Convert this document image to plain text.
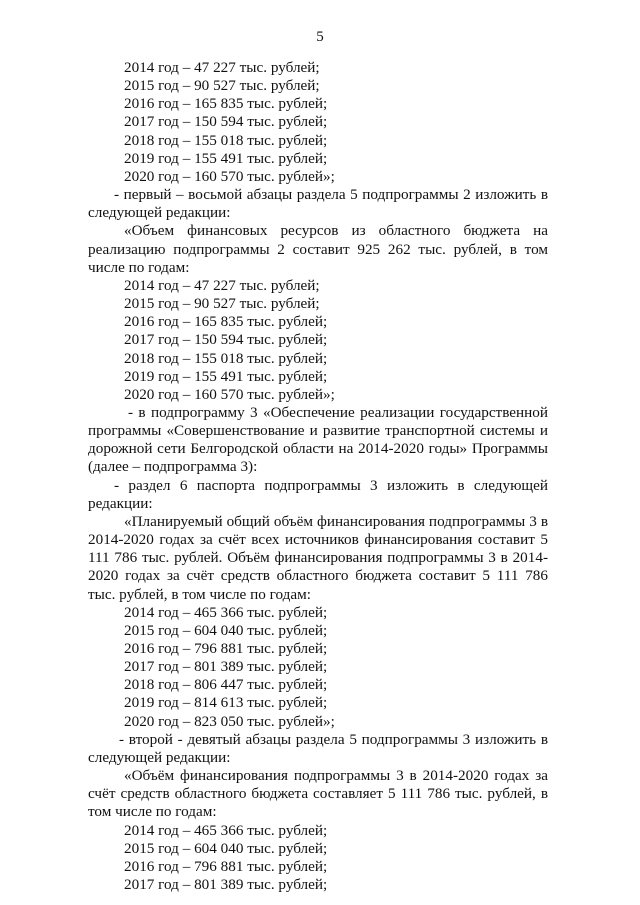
5
2014 год – 47 227 тыс. рублей;
2015 год – 90 527 тыс. рублей;
2016 год – 165 835 тыс. рублей;
2017 год – 150 594 тыс. рублей;
2018 год – 155 018 тыс. рублей;
2019 год – 155 491 тыс. рублей;
2020 год – 160 570 тыс. рублей»;
- первый – восьмой абзацы раздела 5 подпрограммы 2 изложить в следующей редакции:
«Объем финансовых ресурсов из областного бюджета на реализацию подпрограммы 2 составит 925 262 тыс. рублей, в том числе по годам:
2014 год – 47 227 тыс. рублей;
2015 год – 90 527 тыс. рублей;
2016 год – 165 835 тыс. рублей;
2017 год – 150 594 тыс. рублей;
2018 год – 155 018 тыс. рублей;
2019 год – 155 491 тыс. рублей;
2020 год – 160 570 тыс. рублей»;
- в подпрограмму 3 «Обеспечение реализации государственной программы «Совершенствование и развитие транспортной системы и дорожной сети Белгородской области на 2014-2020 годы» Программы (далее – подпрограмма 3):
- раздел 6 паспорта подпрограммы 3 изложить в следующей редакции:
«Планируемый общий объём финансирования подпрограммы 3 в 2014-2020 годах за счёт всех источников финансирования составит 5 111 786 тыс. рублей. Объём финансирования подпрограммы 3 в 2014-2020 годах за счёт средств областного бюджета составит 5 111 786 тыс. рублей, в том числе по годам:
2014 год – 465 366 тыс. рублей;
2015 год – 604 040 тыс. рублей;
2016 год – 796 881 тыс. рублей;
2017 год – 801 389 тыс. рублей;
2018 год – 806 447 тыс. рублей;
2019 год – 814 613 тыс. рублей;
2020 год – 823 050 тыс. рублей»;
- второй - девятый абзацы раздела 5 подпрограммы 3 изложить в следующей редакции:
«Объём финансирования подпрограммы 3 в 2014-2020 годах за счёт средств областного бюджета составляет 5 111 786 тыс. рублей, в том числе по годам:
2014 год – 465 366 тыс. рублей;
2015 год – 604 040 тыс. рублей;
2016 год – 796 881 тыс. рублей;
2017 год – 801 389 тыс. рублей;
